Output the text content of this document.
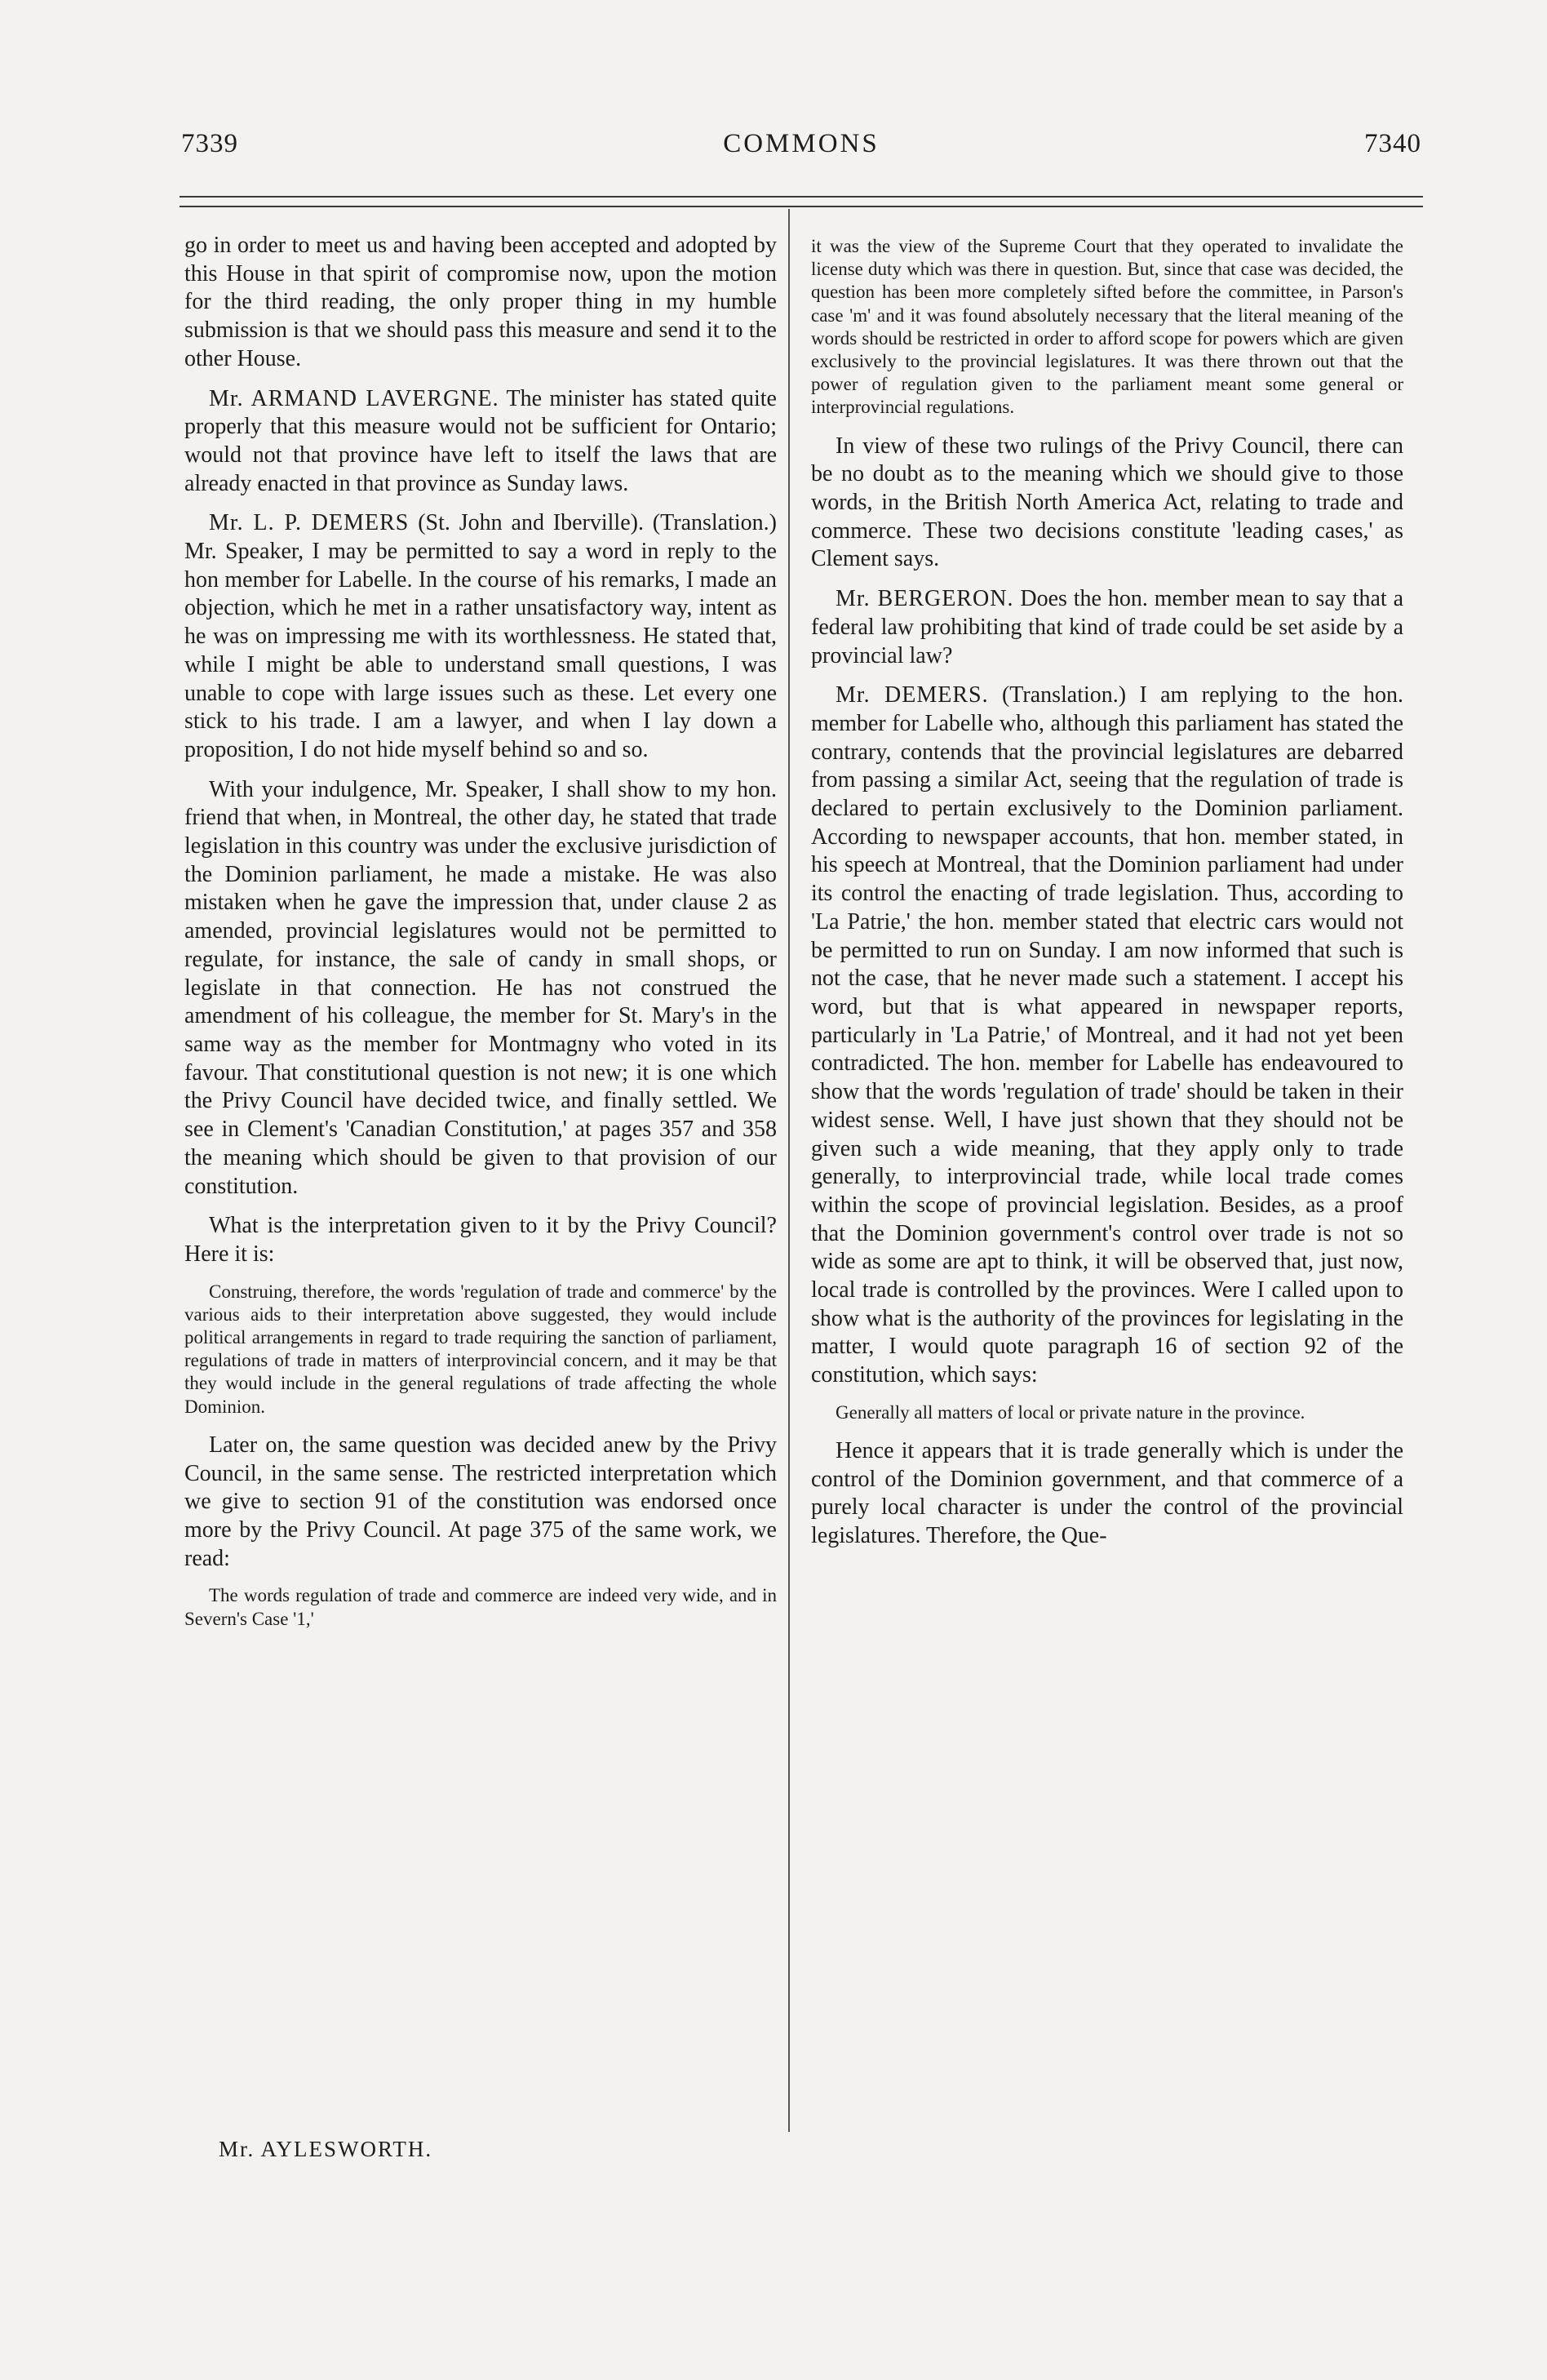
7339	COMMONS	7340

go in order to meet us and having been accepted and adopted by this House in that spirit of compromise now, upon the motion for the third reading, the only proper thing in my humble submission is that we should pass this measure and send it to the other House.

Mr. ARMAND LAVERGNE. The minister has stated quite properly that this measure would not be sufficient for Ontario; would not that province have left to itself the laws that are already enacted in that province as Sunday laws.

Mr. L. P. DEMERS (St. John and Iberville). (Translation.) Mr. Speaker, I may be permitted to say a word in reply to the hon member for Labelle. In the course of his remarks, I made an objection, which he met in a rather unsatisfactory way, intent as he was on impressing me with its worthlessness. He stated that, while I might be able to understand small questions, I was unable to cope with large issues such as these. Let every one stick to his trade. I am a lawyer, and when I lay down a proposition, I do not hide myself behind so and so.

With your indulgence, Mr. Speaker, I shall show to my hon. friend that when, in Montreal, the other day, he stated that trade legislation in this country was under the exclusive jurisdiction of the Dominion parliament, he made a mistake. He was also mistaken when he gave the impression that, under clause 2 as amended, provincial legislatures would not be permitted to regulate, for instance, the sale of candy in small shops, or legislate in that connection. He has not construed the amendment of his colleague, the member for St. Mary's in the same way as the member for Montmagny who voted in its favour. That constitutional question is not new; it is one which the Privy Council have decided twice, and finally settled. We see in Clement's 'Canadian Constitution,' at pages 357 and 358 the meaning which should be given to that provision of our constitution.

What is the interpretation given to it by the Privy Council? Here it is:

Construing, therefore, the words 'regulation of trade and commerce' by the various aids to their interpretation above suggested, they would include political arrangements in regard to trade requiring the sanction of parliament, regulations of trade in matters of interprovincial concern, and it may be that they would include in the general regulations of trade affecting the whole Dominion.

Later on, the same question was decided anew by the Privy Council, in the same sense. The restricted interpretation which we give to section 91 of the constitution was endorsed once more by the Privy Council. At page 375 of the same work, we read:

The words regulation of trade and commerce are indeed very wide, and in Severn's Case '1,'
it was the view of the Supreme Court that they operated to invalidate the license duty which was there in question. But, since that case was decided, the question has been more completely sifted before the committee, in Parson's case 'm' and it was found absolutely necessary that the literal meaning of the words should be restricted in order to afford scope for powers which are given exclusively to the provincial legislatures. It was there thrown out that the power of regulation given to the parliament meant some general or interprovincial regulations.

In view of these two rulings of the Privy Council, there can be no doubt as to the meaning which we should give to those words, in the British North America Act, relating to trade and commerce. These two decisions constitute 'leading cases,' as Clement says.

Mr. BERGERON. Does the hon. member mean to say that a federal law prohibiting that kind of trade could be set aside by a provincial law?

Mr. DEMERS. (Translation.) I am replying to the hon. member for Labelle who, although this parliament has stated the contrary, contends that the provincial legislatures are debarred from passing a similar Act, seeing that the regulation of trade is declared to pertain exclusively to the Dominion parliament. According to newspaper accounts, that hon. member stated, in his speech at Montreal, that the Dominion parliament had under its control the enacting of trade legislation. Thus, according to 'La Patrie,' the hon. member stated that electric cars would not be permitted to run on Sunday. I am now informed that such is not the case, that he never made such a statement. I accept his word, but that is what appeared in newspaper reports, particularly in 'La Patrie,' of Montreal, and it had not yet been contradicted. The hon. member for Labelle has endeavoured to show that the words 'regulation of trade' should be taken in their widest sense. Well, I have just shown that they should not be given such a wide meaning, that they apply only to trade generally, to interprovincial trade, while local trade comes within the scope of provincial legislation. Besides, as a proof that the Dominion government's control over trade is not so wide as some are apt to think, it will be observed that, just now, local trade is controlled by the provinces. Were I called upon to show what is the authority of the provinces for legislating in the matter, I would quote paragraph 16 of section 92 of the constitution, which says:

Generally all matters of local or private nature in the province.

Hence it appears that it is trade generally which is under the control of the Dominion government, and that commerce of a purely local character is under the control of the provincial legislatures. Therefore, the Que-

Mr. AYLESWORTH.
